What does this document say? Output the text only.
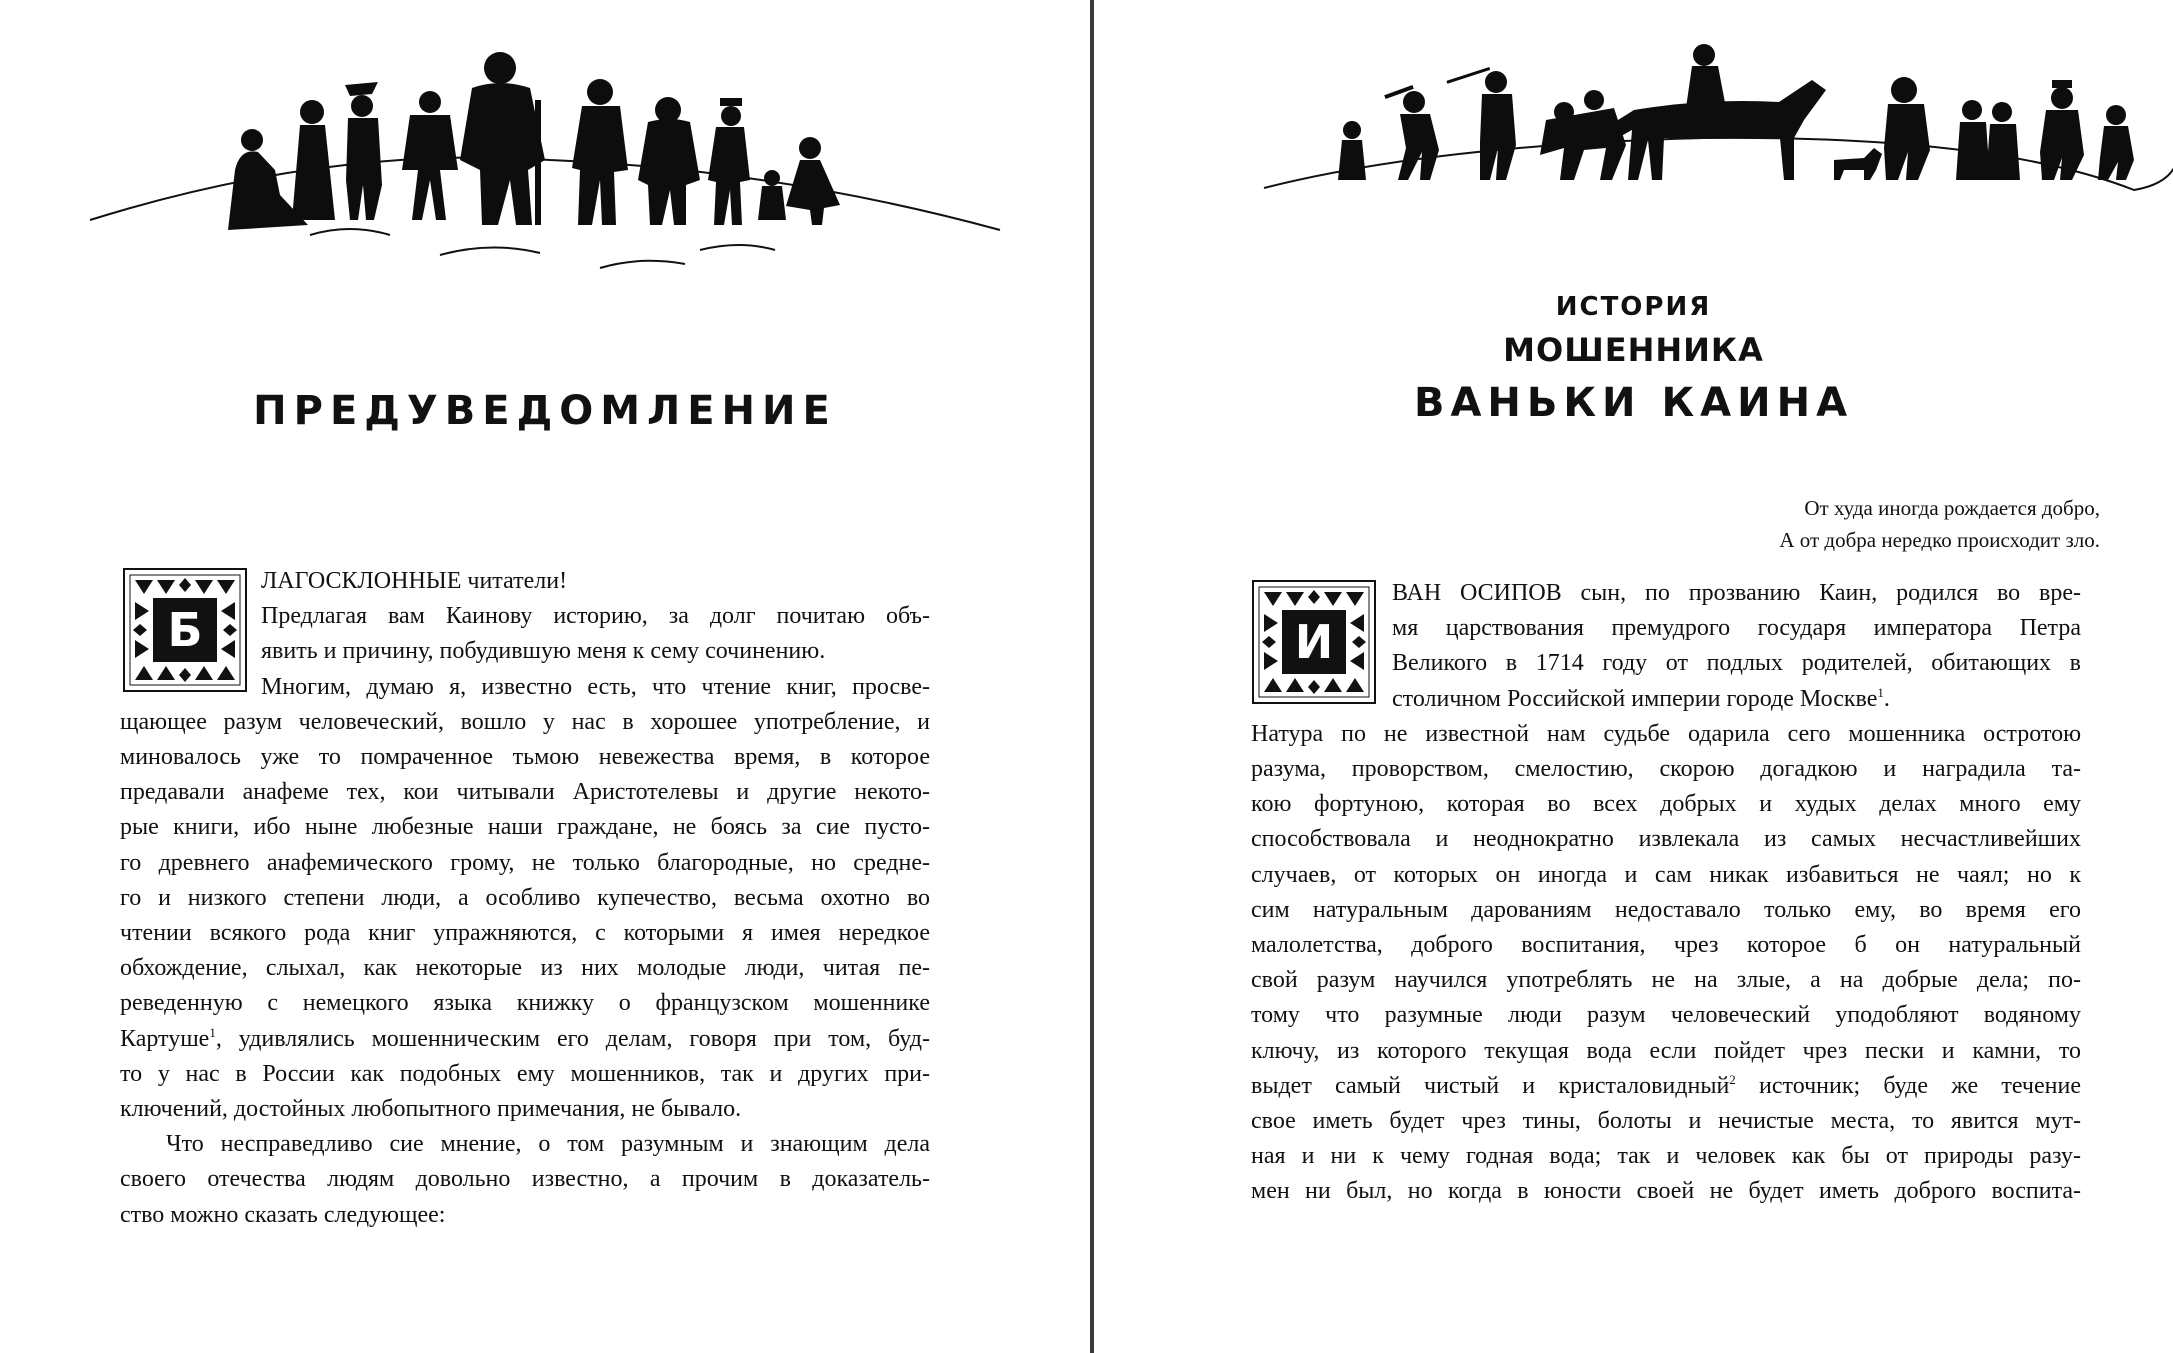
ПРЕДУВЕДОМЛЕНИЕ
Б
ЛАГОСКЛОННЫЕ читатели!
Предлагая вам Каинову историю, за долг почитаю объ-
явить и причину, побудившую меня к сему сочинению.
Многим, думаю я, известно есть, что чтение книг, просве-
щающее разум человеческий, вошло у нас в хорошее употребление, и
миновалось уже то помраченное тьмою невежества время, в которое
предавали анафеме тех, кои читывали Аристотелевы и другие некото-
рые книги, ибо ныне любезные наши граждане, не боясь за сие пусто-
го древнего анафемического грому, не только благородные, но средне-
го и низкого степени люди, а особливо купечество, весьма охотно во
чтении всякого рода книг упражняются, с которыми я имея нередкое
обхождение, слыхал, как некоторые из них молодые люди, читая пе-
реведенную с немецкого языка книжку о французском мошеннике
Картуше$^1$, удивлялись мошенническим его делам, говоря при том, буд-
то у нас в России как подобных ему мошенников, так и других при-
ключений, достойных любопытного примечания, не бывало.
Что несправедливо сие мнение, о том разумным и знающим дела
своего отечества людям довольно известно, а прочим в доказатель-
ство можно сказать следующее:
ИСТОРИЯ
МОШЕННИКА
ВАНЬКИ КАИНА
От худа иногда рождается добро,
А от добра нередко происходит зло.
И
ВАН ОСИПОВ сын, по прозванию Каин, родился во вре-
мя царствования премудрого государя императора Петра
Великого в 1714 году от подлых родителей, обитающих в
столичном Российской империи городе Москве$^1$.
Натура по не известной нам судьбе одарила сего мошенника остротою
разума, проворством, смелостию, скорою догадкою и наградила та-
кою фортуною, которая во всех добрых и худых делах много ему
способствовала и неоднократно извлекала из самых несчастливейших
случаев, от которых он иногда и сам никак избавиться не чаял; но к
сим натуральным дарованиям недоставало только ему, во время его
малолетства, доброго воспитания, чрез которое б он натуральный
свой разум научился употреблять не на злые, а на добрые дела; по-
тому что разумные люди разум человеческий уподобляют водяному
ключу, из которого текущая вода если пойдет чрез пески и камни, то
выдет самый чистый и кристаловидный$^2$ источник; буде же течение
свое иметь будет чрез тины, болоты и нечистые места, то явится мут-
ная и ни к чему годная вода; так и человек как бы от природы разу-
мен ни был, но когда в юности своей не будет иметь доброго воспита-
